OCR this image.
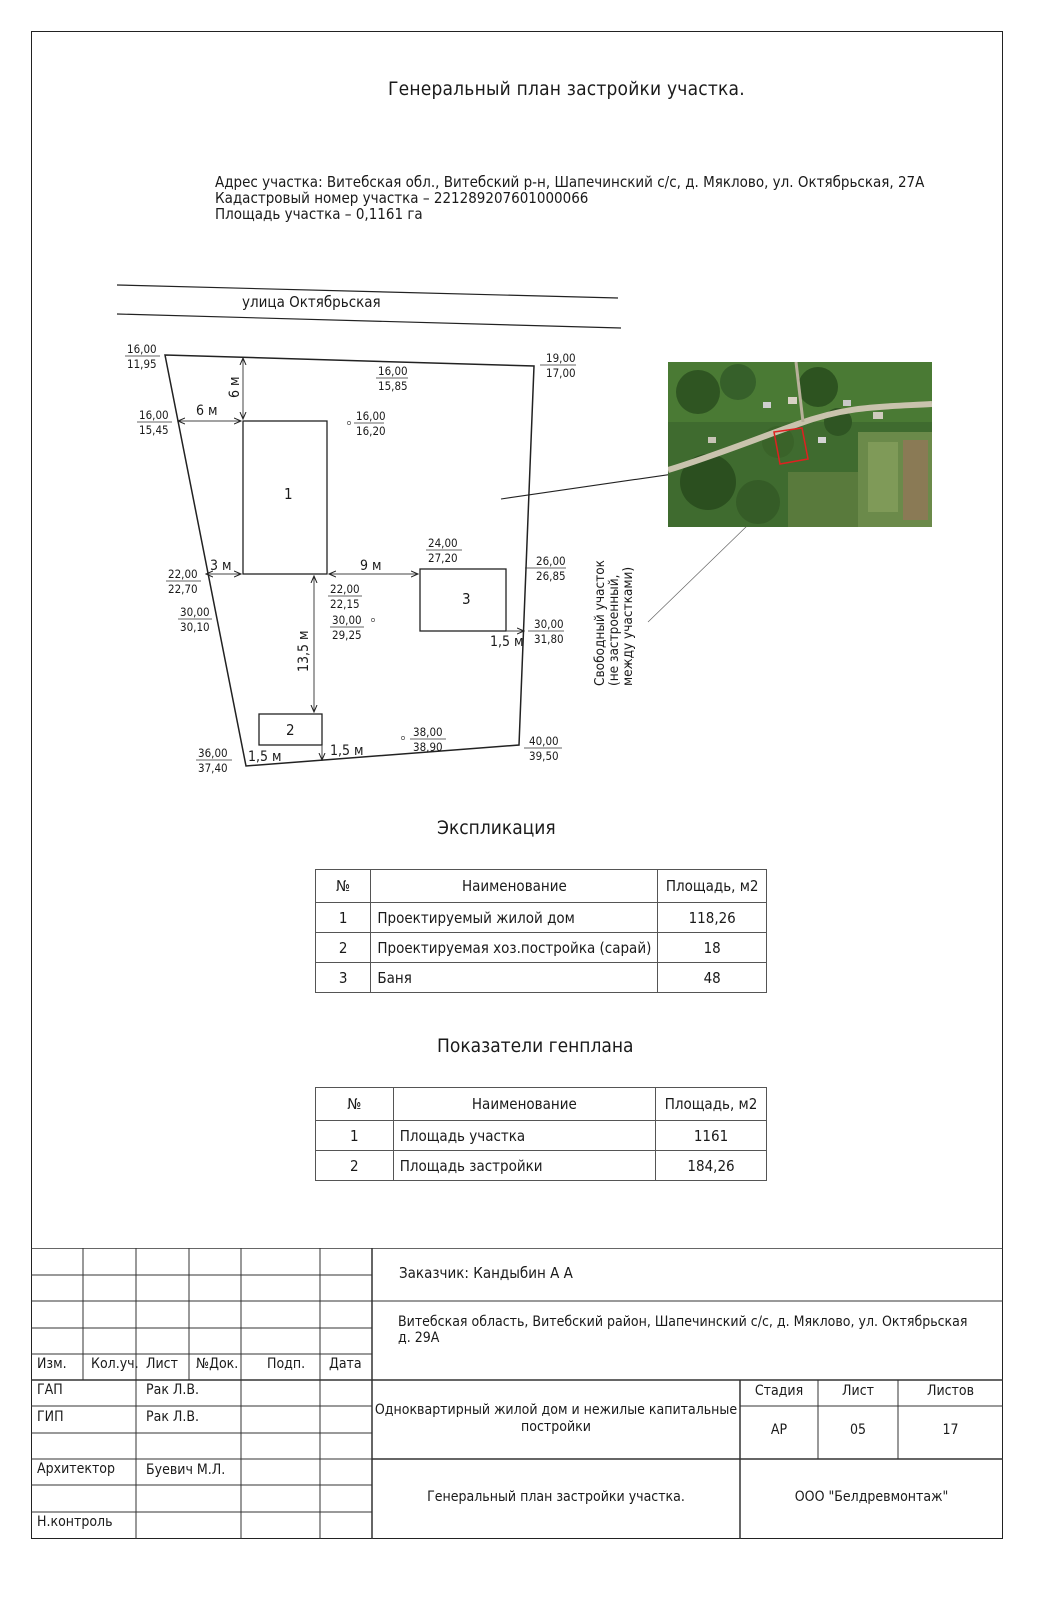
Генеральный план застройки участка.
Адрес участка: Витебская обл., Витебский р-н, Шапечинский с/с, д. Мяклово, ул. Октябрьская, 27А
Кадастровый номер участка – 221289207601000066
Площадь участка – 0,1161 га
улица Октябрьская
1
3
2
6 м
6 м
3 м	9 м
13,5 м	1,5 м
1,5 м	1,5 м
16,00
11,95	16,00
15,85
19,00
17,00
16,00
15,45
16,00
16,20
24,00
27,20	26,00
26,85
22,00
22,70	22,00
22,15
30,00
30,10	30,00
29,25
30,00
31,80
36,00
37,40
38,00
38,90	40,00
39,50
Свободный участок
(не застроенный,
между участками)
Экспликация
№	Наименование	Площадь, м2
1	Проектируемый жилой дом	118,26
2	Проектируемая хоз.постройка (сарай)	18
3	Баня	48
Показатели генплана
№	Наименование	Площадь, м2
1	Площадь участка	1161
2	Площадь застройки	184,26
Изм. Кол.уч. Лист №Док. Подп. Дата
ГАП	Рак Л.В.
ГИП	Рак Л.В.
Архитектор Буевич М.Л.
Н.контроль
Заказчик: Кандыбин А А
Витебская область, Витебский район, Шапечинский с/с, д. Мяклово, ул. Октябрьская
д. 29А
Одноквартирный жилой дом и нежилые капитальные
постройки
Стадия	Лист	Листов
АР	05	17
Генеральный план застройки участка.	ООО "Белдревмонтаж"
